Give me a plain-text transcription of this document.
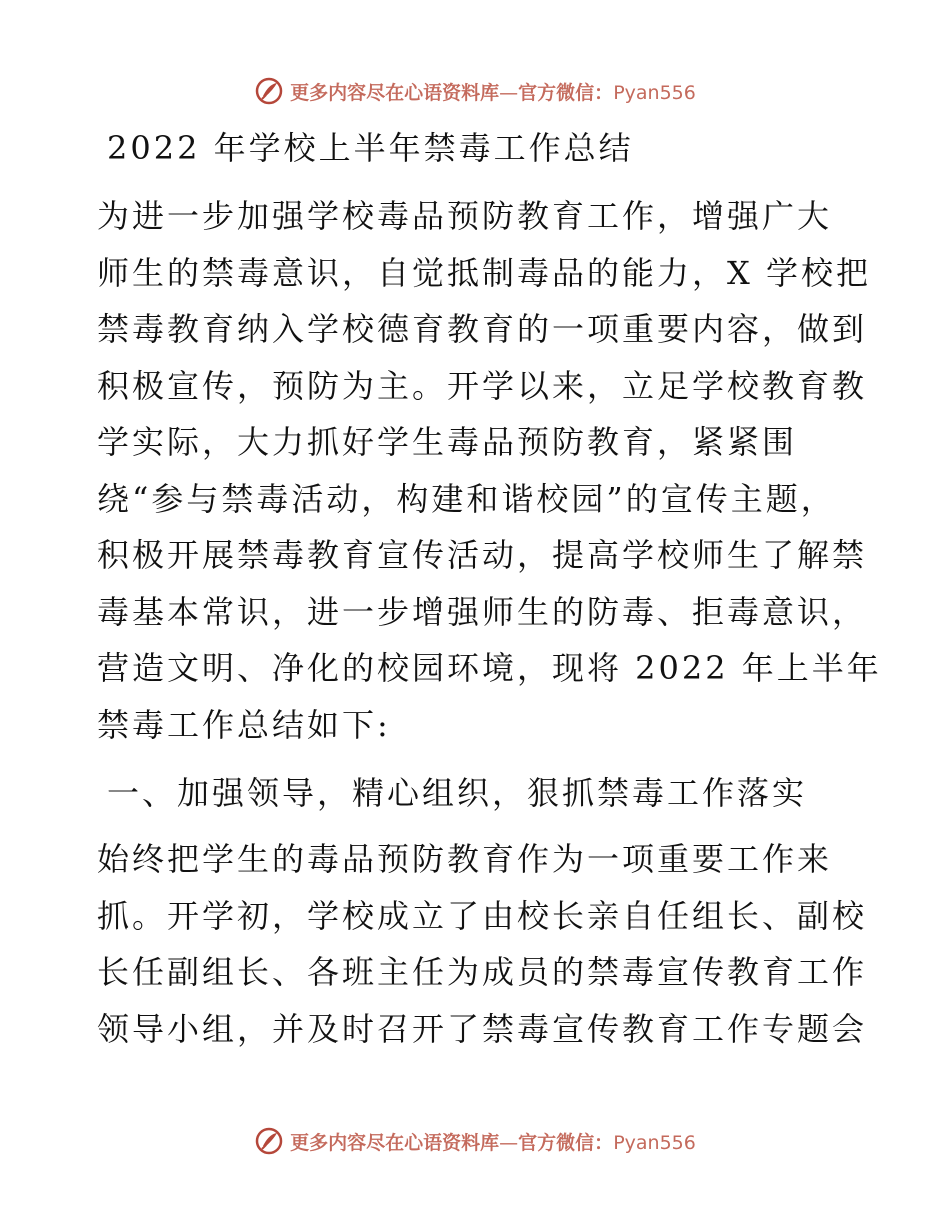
更多内容尽在心语资料库—官方微信：Pyan556
2022 年学校上半年禁毒工作总结
为进一步加强学校毒品预防教育工作，增强广大
师生的禁毒意识，自觉抵制毒品的能力，X 学校把
禁毒教育纳入学校德育教育的一项重要内容，做到
积极宣传，预防为主。开学以来，立足学校教育教
学实际，大力抓好学生毒品预防教育，紧紧围
绕“参与禁毒活动，构建和谐校园”的宣传主题，
积极开展禁毒教育宣传活动，提高学校师生了解禁
毒基本常识，进一步增强师生的防毒、拒毒意识，
营造文明、净化的校园环境，现将 2022 年上半年
禁毒工作总结如下:
一、加强领导，精心组织，狠抓禁毒工作落实
始终把学生的毒品预防教育作为一项重要工作来
抓。开学初，学校成立了由校长亲自任组长、副校
长任副组长、各班主任为成员的禁毒宣传教育工作
领导小组，并及时召开了禁毒宣传教育工作专题会
更多内容尽在心语资料库—官方微信：Pyan556
